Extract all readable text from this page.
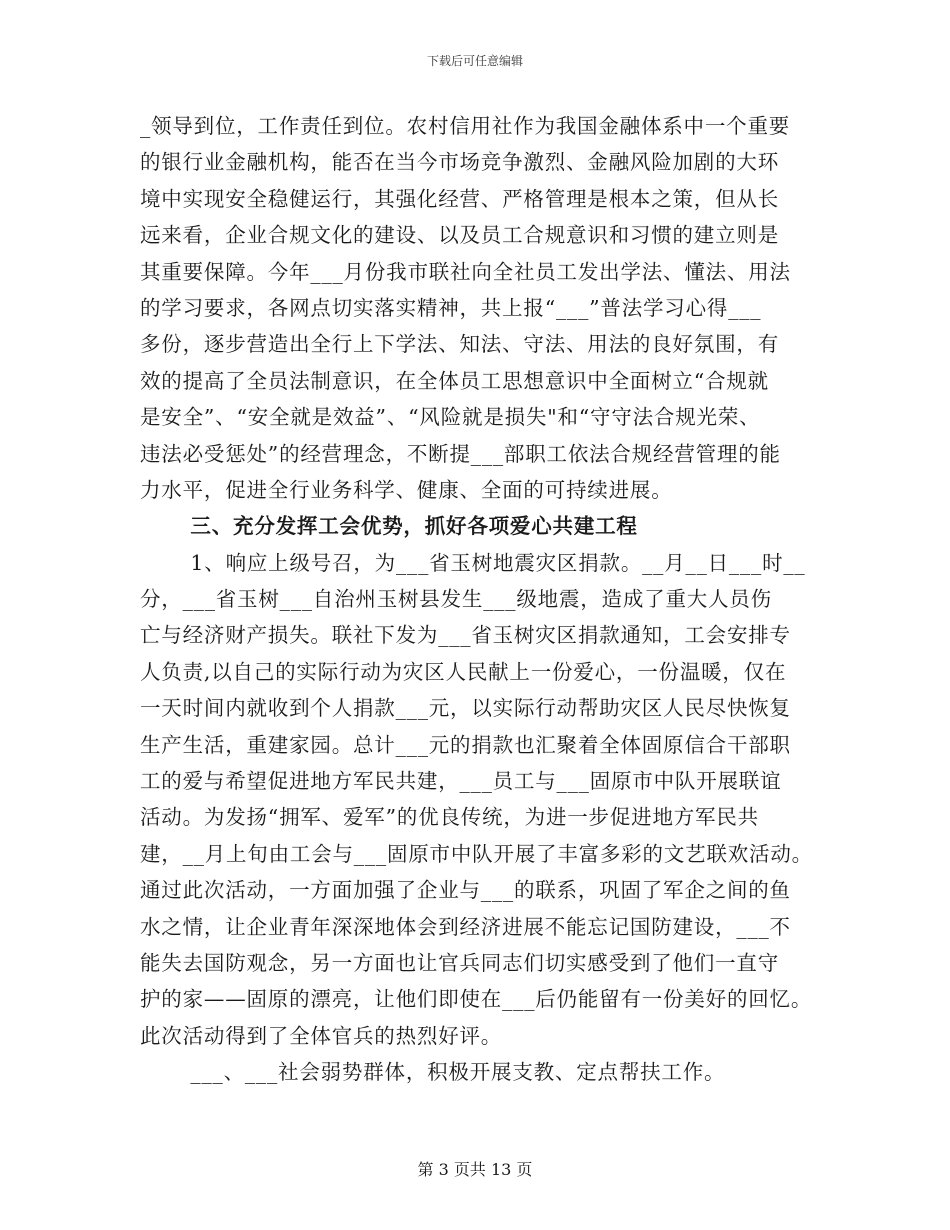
下载后可任意编辑
_领导到位，工作责任到位。农村信用社作为我国金融体系中一个重要
的银行业金融机构，能否在当今市场竞争激烈、金融风险加剧的大环
境中实现安全稳健运行，其强化经营、严格管理是根本之策，但从长
远来看，企业合规文化的建设、以及员工合规意识和习惯的建立则是
其重要保障。今年___月份我市联社向全社员工发出学法、懂法、用法
的学习要求，各网点切实落实精神，共上报“___”普法学习心得___
多份，逐步营造出全行上下学法、知法、守法、用法的良好氛围，有
效的提高了全员法制意识，在全体员工思想意识中全面树立“合规就
是安全”、“安全就是效益”、“风险就是损失"和“守守法合规光荣、
违法必受惩处”的经营理念，不断提___部职工依法合规经营管理的能
力水平，促进全行业务科学、健康、全面的可持续进展。
三、充分发挥工会优势，抓好各项爱心共建工程
1、响应上级号召，为___省玉树地震灾区捐款。__月__日___时__
分，___省玉树___自治州玉树县发生___级地震，造成了重大人员伤
亡与经济财产损失。联社下发为___省玉树灾区捐款通知，工会安排专
人负责,以自己的实际行动为灾区人民献上一份爱心，一份温暖，仅在
一天时间内就收到个人捐款___元，以实际行动帮助灾区人民尽快恢复
生产生活，重建家园。总计___元的捐款也汇聚着全体固原信合干部职
工的爱与希望促进地方军民共建，___员工与___固原市中队开展联谊
活动。为发扬“拥军、爱军”的优良传统，为进一步促进地方军民共
建，__月上旬由工会与___固原市中队开展了丰富多彩的文艺联欢活动。
通过此次活动，一方面加强了企业与___的联系，巩固了军企之间的鱼
水之情，让企业青年深深地体会到经济进展不能忘记国防建设，___不
能失去国防观念，另一方面也让官兵同志们切实感受到了他们一直守
护的家——固原的漂亮，让他们即使在___后仍能留有一份美好的回忆。
此次活动得到了全体官兵的热烈好评。
___、___社会弱势群体，积极开展支教、定点帮扶工作。
第 3 页共 13 页
